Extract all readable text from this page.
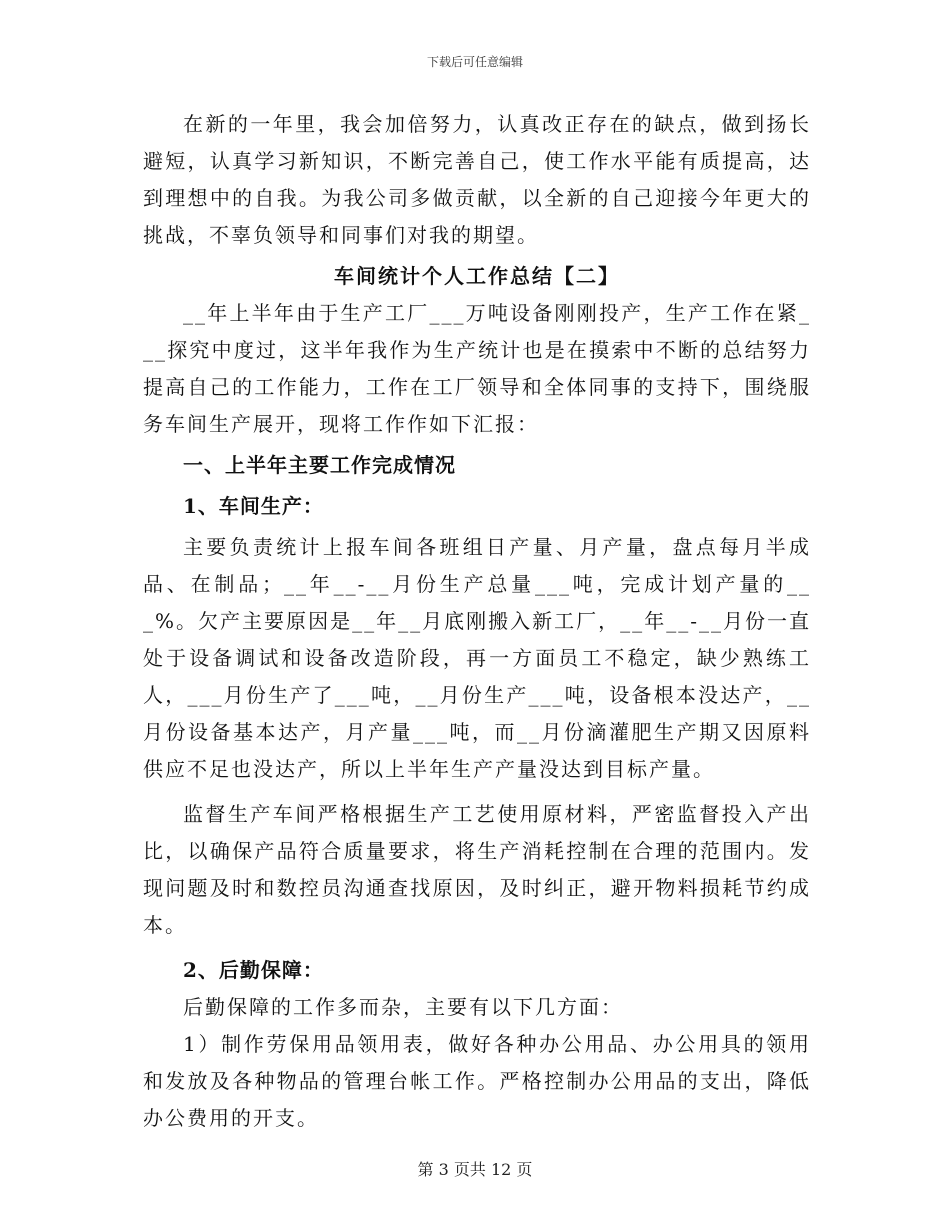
下载后可任意编辑

在新的一年里，我会加倍努力，认真改正存在的缺点，做到扬长避短，认真学习新知识，不断完善自己，使工作水平能有质提高，达到理想中的自我。为我公司多做贡献，以全新的自己迎接今年更大的挑战，不辜负领导和同事们对我的期望。

车间统计个人工作总结【二】

__年上半年由于生产工厂___万吨设备刚刚投产，生产工作在紧___探究中度过，这半年我作为生产统计也是在摸索中不断的总结努力提高自己的工作能力，工作在工厂领导和全体同事的支持下，围绕服务车间生产展开，现将工作作如下汇报：

一、上半年主要工作完成情况

1、车间生产：

主要负责统计上报车间各班组日产量、月产量，盘点每月半成品、在制品；__年__-__月份生产总量___吨，完成计划产量的___%。欠产主要原因是__年__月底刚搬入新工厂，__年__-__月份一直处于设备调试和设备改造阶段，再一方面员工不稳定，缺少熟练工人，___月份生产了___吨，__月份生产___吨，设备根本没达产，__月份设备基本达产，月产量___吨，而__月份滴灌肥生产期又因原料供应不足也没达产，所以上半年生产产量没达到目标产量。

监督生产车间严格根据生产工艺使用原材料，严密监督投入产出比，以确保产品符合质量要求，将生产消耗控制在合理的范围内。发现问题及时和数控员沟通查找原因，及时纠正，避开物料损耗节约成本。

2、后勤保障：

后勤保障的工作多而杂，主要有以下几方面：

1）制作劳保用品领用表，做好各种办公用品、办公用具的领用和发放及各种物品的管理台帐工作。严格控制办公用品的支出，降低办公费用的开支。

第 3 页共 12 页
